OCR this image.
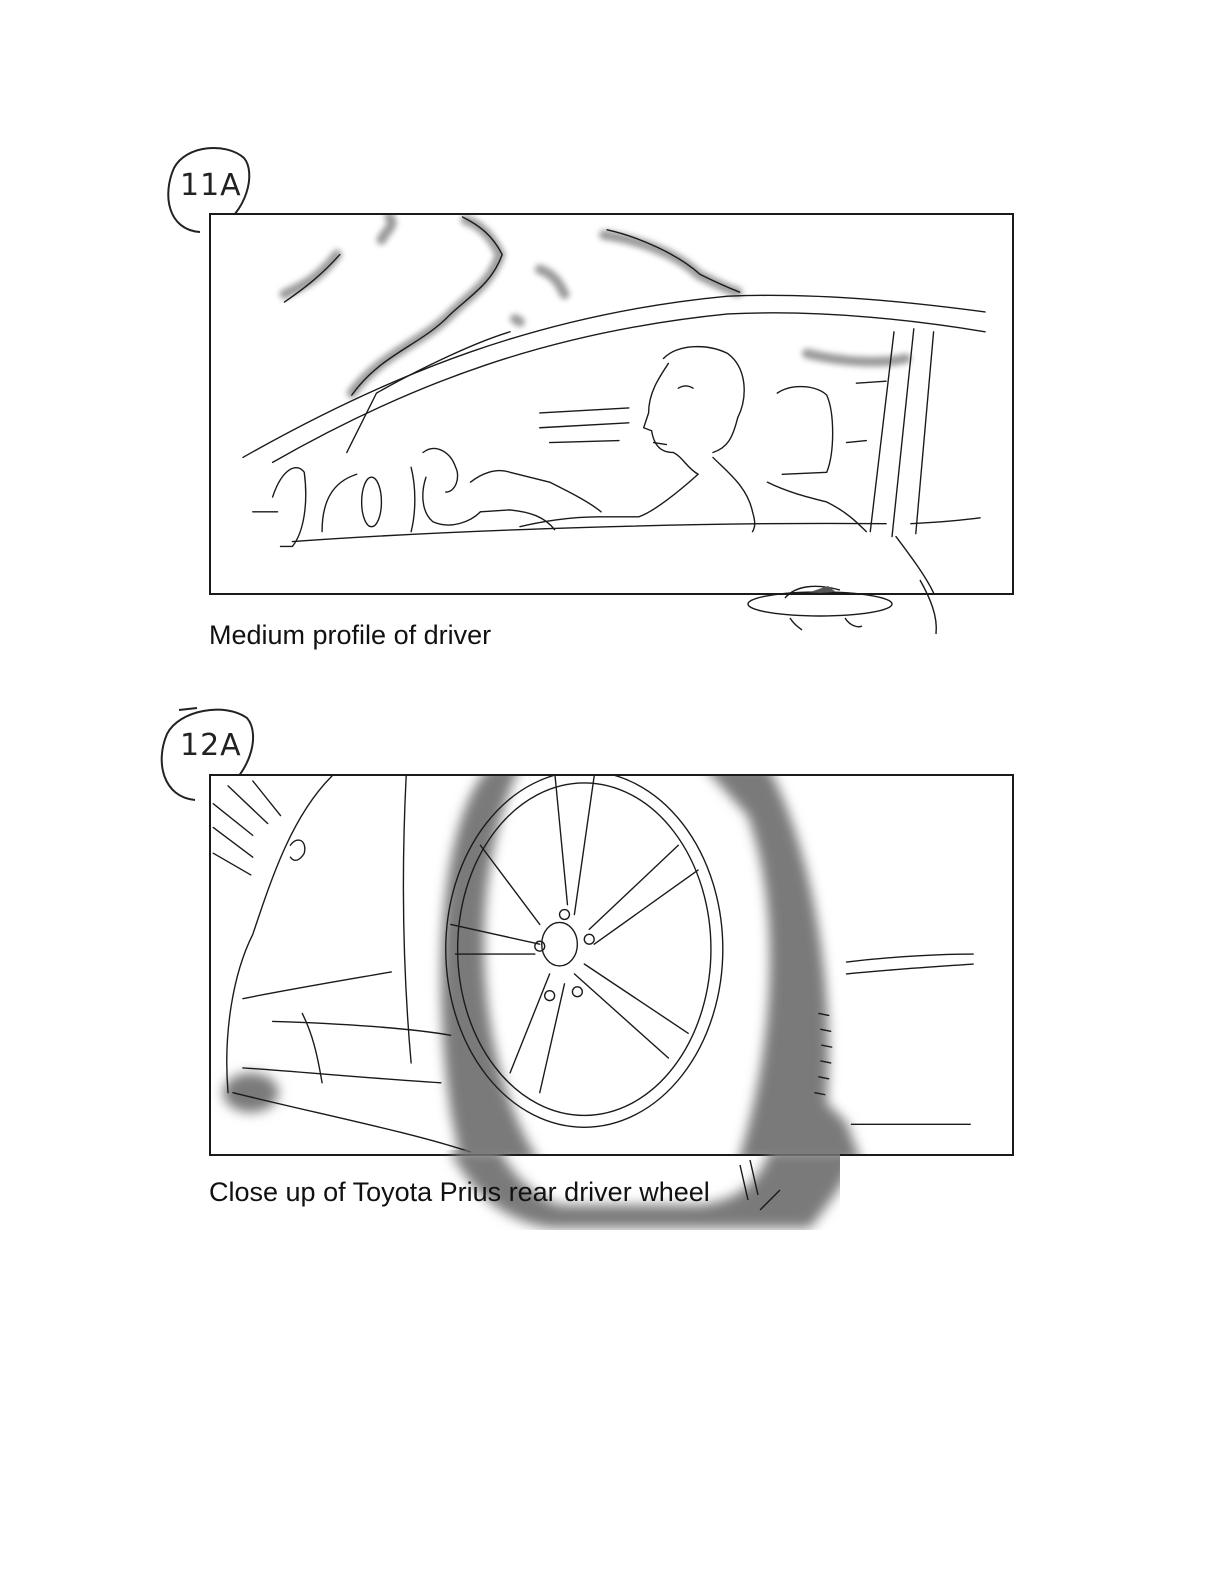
11A
Medium profile of driver
12A
Close up of Toyota Prius rear driver wheel
